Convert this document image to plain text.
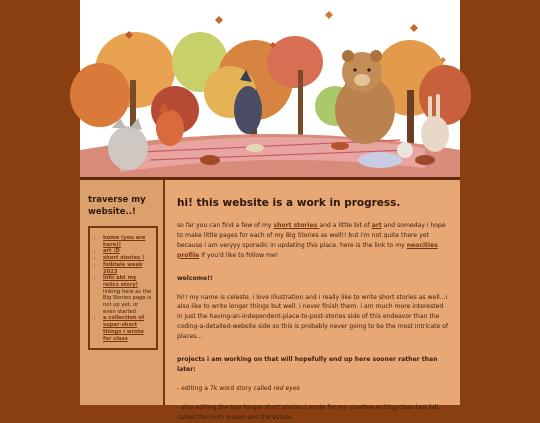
traverse my website..!
• home (you are here)!
• art :D
• short stories !
• folktale week 2023
• info abt my relics story! linking here as the Big Stories page is not up yet, or even started
• a collection of super-short things i wrote for class
hi! this website is a work in progress.

so far you can find a few of my short stories and a little bit of art and someday i hope to make little pages for each of my Big Stories as well!! but i'm not quite there yet because i am veryyy sporadic in updating this place. here is the link to my neocities profile if you'd like to follow me!

welcome!!

hi!! my name is celeste. i love illustration and i really like to write short stories as well...i also like to write longer things but well. i never finish them. i am much more interested in just the having-an-independent-place-to-post-stories side of this endeavor than the coding-a-detailed-website side so this is probably never going to be the most intricate of places...

projects i am working on that will hopefully end up here sooner rather than later:

- editing a 7k word story called red eyes

- also editing the two longer short stories i wrote for my creative writing class last fall, called the birch queen and the estate
